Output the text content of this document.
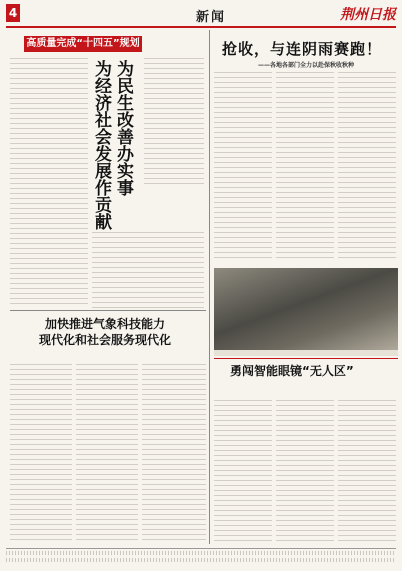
4	新闻	荆州日报
高质量完成“十四五”规划
为经济社会发展作贡献 为民生改善办实事
加快推进气象科技能力
现代化和社会服务现代化
抢收，与连阴雨赛跑！
——各地各部门全力以赴保秋收秋种
勇闯智能眼镜“无人区”
